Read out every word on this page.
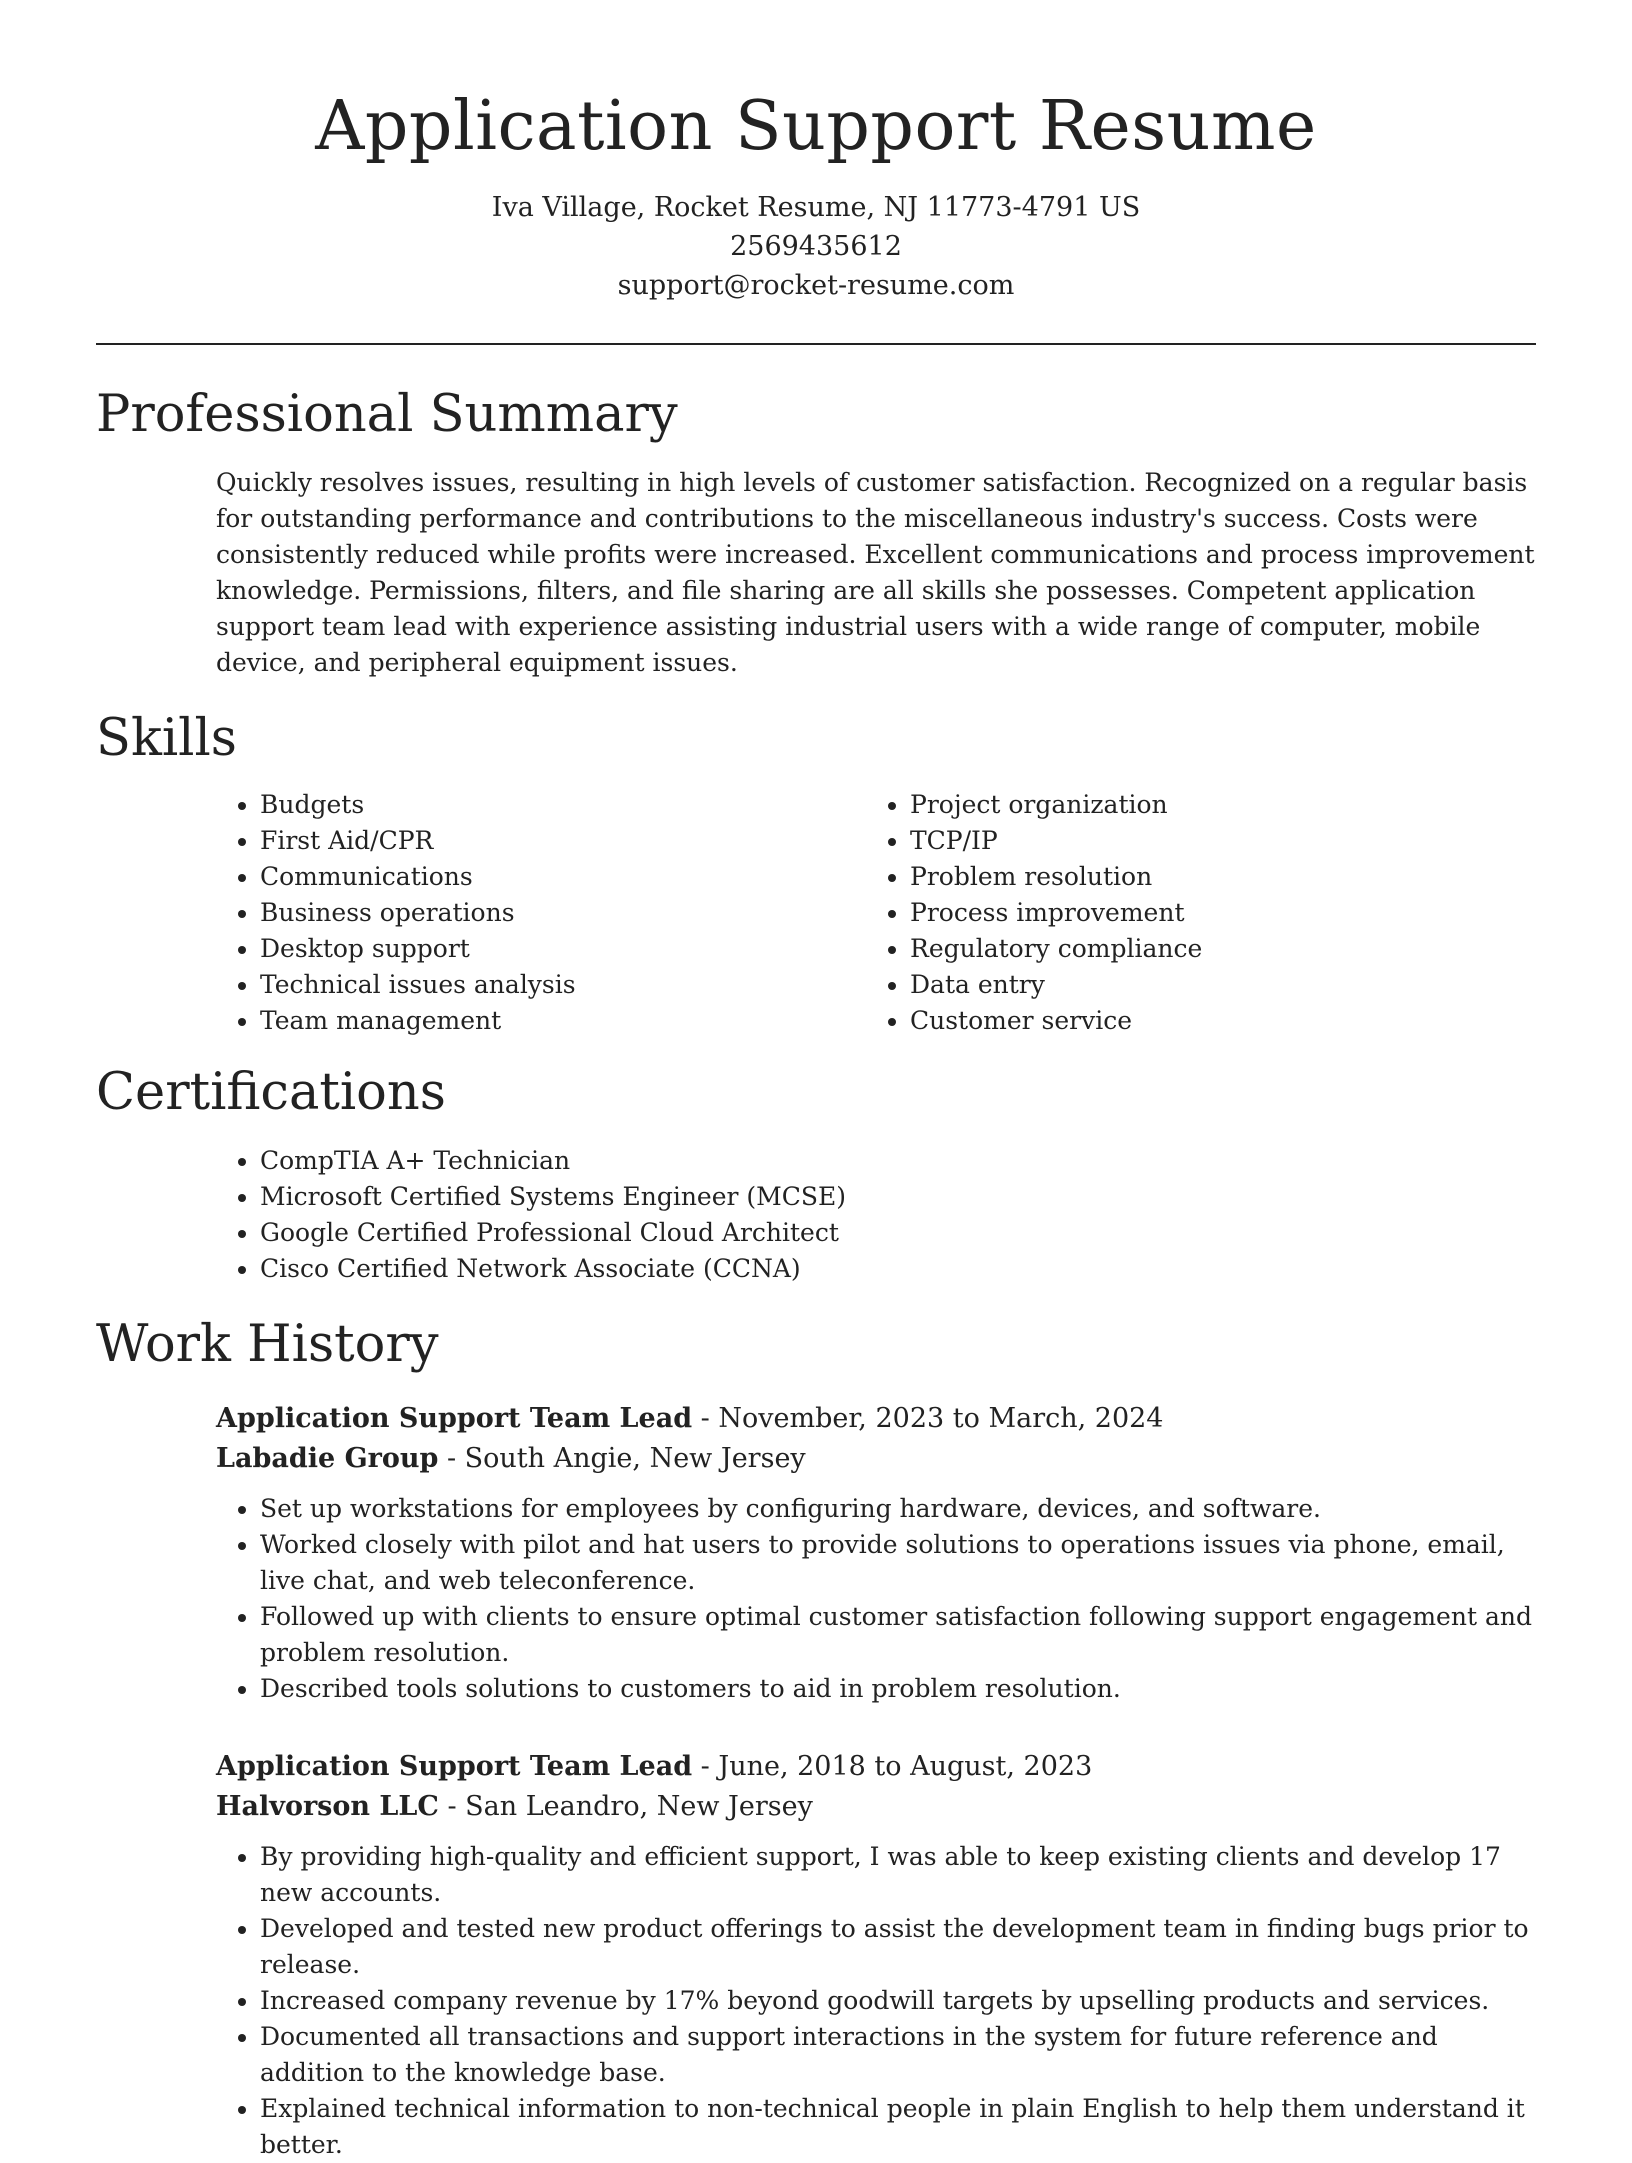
Application Support Resume
Iva Village, Rocket Resume, NJ 11773-4791 US
2569435612
support@rocket-resume.com
Professional Summary

Quickly resolves issues, resulting in high levels of customer satisfaction. Recognized on a regular basis for outstanding performance and contributions to the miscellaneous industry's success. Costs were consistently reduced while profits were increased. Excellent communications and process improvement knowledge. Permissions, filters, and file sharing are all skills she possesses. Competent application support team lead with experience assisting industrial users with a wide range of computer, mobile device, and peripheral equipment issues.

Skills
• Budgets
• First Aid/CPR
• Communications
• Business operations
• Desktop support
• Technical issues analysis
• Team management
• Project organization
• TCP/IP
• Problem resolution
• Process improvement
• Regulatory compliance
• Data entry
• Customer service
Certifications
• CompTIA A+ Technician
• Microsoft Certified Systems Engineer (MCSE)
• Google Certified Professional Cloud Architect
• Cisco Certified Network Associate (CCNA)
Work History
Application Support Team Lead - November, 2023 to March, 2024
Labadie Group - South Angie, New Jersey
• Set up workstations for employees by configuring hardware, devices, and software.
• Worked closely with pilot and hat users to provide solutions to operations issues via phone, email, live chat, and web teleconference.
• Followed up with clients to ensure optimal customer satisfaction following support engagement and problem resolution.
• Described tools solutions to customers to aid in problem resolution.
Application Support Team Lead - June, 2018 to August, 2023
Halvorson LLC - San Leandro, New Jersey
• By providing high-quality and efficient support, I was able to keep existing clients and develop 17 new accounts.
• Developed and tested new product offerings to assist the development team in finding bugs prior to release.
• Increased company revenue by 17% beyond goodwill targets by upselling products and services.
• Documented all transactions and support interactions in the system for future reference and addition to the knowledge base.
• Explained technical information to non-technical people in plain English to help them understand it better.
